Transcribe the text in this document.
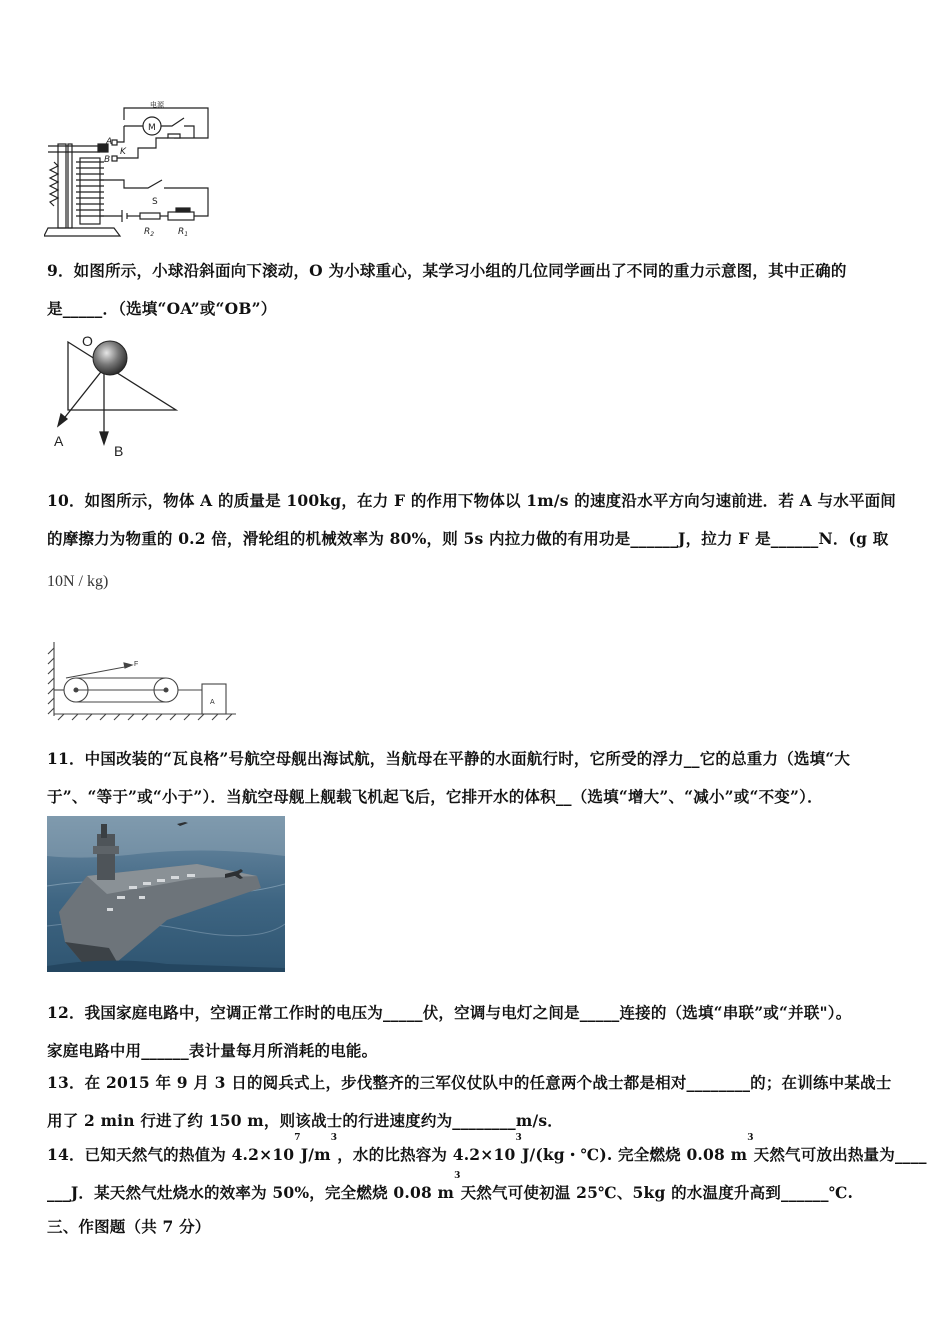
电源
M
A
K
B
S
$R_2$	$R_1$
9．如图所示，小球沿斜面向下滚动，O 为小球重心，某学习小组的几位同学画出了不同的重力示意图，其中正确的
是_____．（选填“OA”或“OB”）
O
A
B
10．如图所示，物体 A 的质量是 100kg，在力 F 的作用下物体以 1m/s 的速度沿水平方向匀速前进．若 A 与水平面间
的摩擦力为物重的 0.2 倍，滑轮组的机械效率为 80%，则 5s 内拉力做的有用功是______J，拉力 F 是______N．(g 取
10N / kg)
F
A
11．中国改装的“瓦良格”号航空母舰出海试航，当航母在平静的水面航行时，它所受的浮力__它的总重力（选填“大
于”、“等于”或“小于”）．当航空母舰上舰载飞机起飞后，它排开水的体积__（选填“增大”、“减小”或“不变”）．
12．我国家庭电路中，空调正常工作时的电压为_____伏，空调与电灯之间是_____连接的（选填“串联”或“并联"）。
家庭电路中用______表计量每月所消耗的电能。
13．在 2015 年 9 月 3 日的阅兵式上，步伐整齐的三军仪仗队中的任意两个战士都是相对________的；在训练中某战士
用了 2 min 行进了约 150 m，则该战士的行进速度约为________m/s．
14．已知天然气的热值为 $4.2\times 10^7J/m^3$，水的比热容为 $4.2\times 10^3J/(kg$・℃). 完全燃烧 0.08 $m^3$天然气可放出热量为____
___J．某天然气灶烧水的效率为 50%，完全燃烧 0.08 $m^3$天然气可使初温 25℃、5kg 的水温度升高到______℃.
三、作图题（共 7 分）
